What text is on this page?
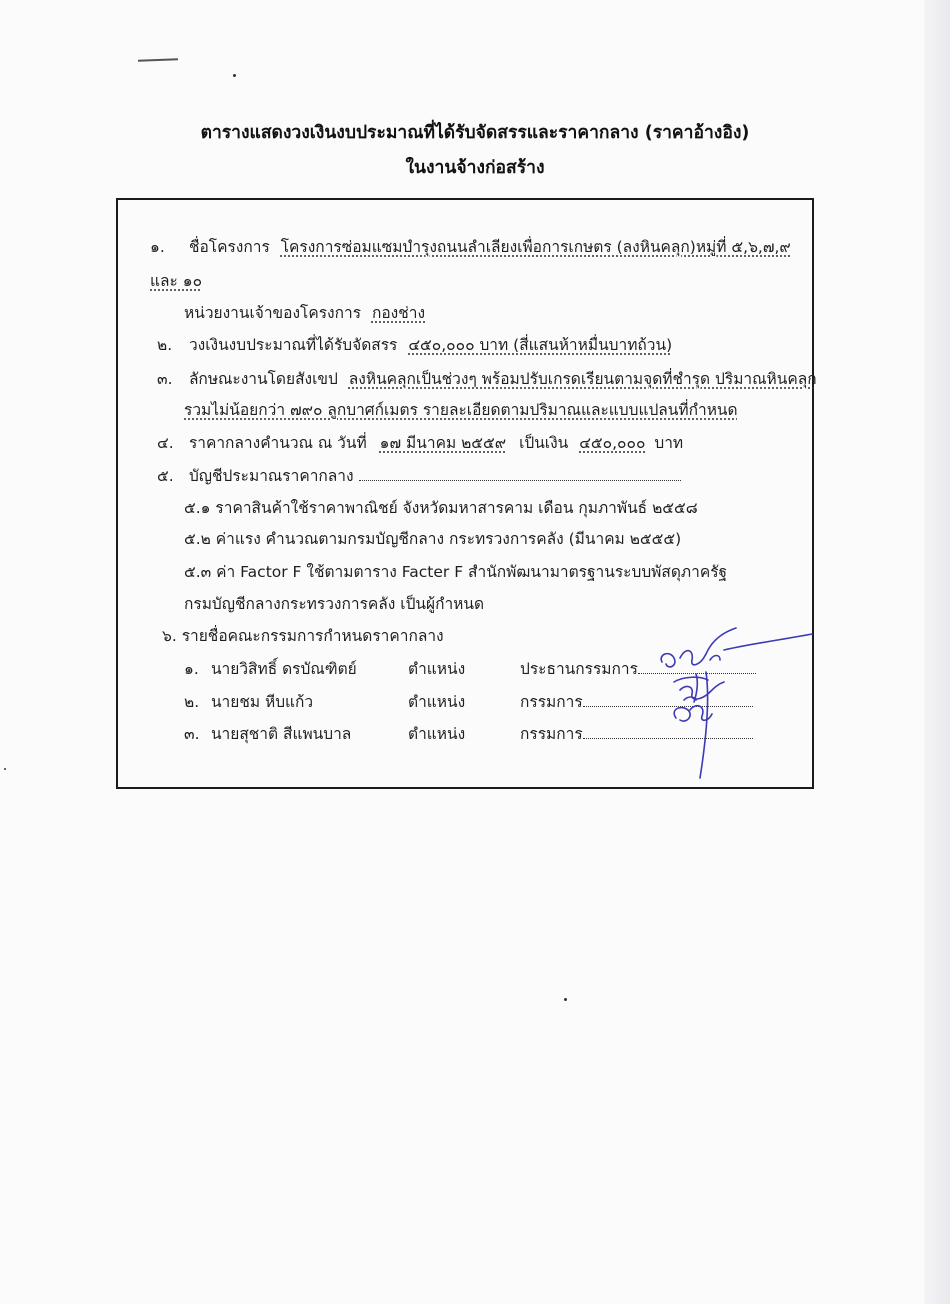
ตารางแสดงวงเงินงบประมาณที่ได้รับจัดสรรและราคากลาง (ราคาอ้างอิง)
ในงานจ้างก่อสร้าง
๑. ชื่อโครงการ โครงการซ่อมแซมบำรุงถนนลำเลียงเพื่อการเกษตร (ลงหินคลุก)หมู่ที่ ๕,๖,๗,๙
และ ๑๐
หน่วยงานเจ้าของโครงการ กองช่าง
๒. วงเงินงบประมาณที่ได้รับจัดสรร ๔๕๐,๐๐๐ บาท (สี่แสนห้าหมื่นบาทถ้วน)
๓. ลักษณะงานโดยสังเขป ลงหินคลุกเป็นช่วงๆ พร้อมปรับเกรดเรียนตามจุดที่ชำรุด ปริมาณหินคลุก
รวมไม่น้อยกว่า ๗๙๐ ลูกบาศก์เมตร รายละเอียดตามปริมาณและแบบแปลนที่กำหนด
๔. ราคากลางคำนวณ ณ วันที่ ๑๗ มีนาคม ๒๕๕๙ เป็นเงิน ๔๕๐,๐๐๐ บาท
๕. บัญชีประมาณราคากลาง
๕.๑ ราคาสินค้าใช้ราคาพาณิชย์ จังหวัดมหาสารคาม เดือน กุมภาพันธ์ ๒๕๕๘
๕.๒ ค่าแรง คำนวณตามกรมบัญชีกลาง กระทรวงการคลัง (มีนาคม ๒๕๕๕)
๕.๓ ค่า Factor F ใช้ตามตาราง Facter F สำนักพัฒนามาตรฐานระบบพัสดุภาครัฐ
กรมบัญชีกลางกระทรวงการคลัง เป็นผู้กำหนด
๖. รายชื่อคณะกรรมการกำหนดราคากลาง
๑. นายวิสิทธิ์ ดรบัณฑิตย์	ตำแหน่ง	ประธานกรรมการ
๒. นายชม หีบแก้ว	ตำแหน่ง	กรรมการ
๓. นายสุชาติ สีแพนบาล	ตำแหน่ง	กรรมการ
